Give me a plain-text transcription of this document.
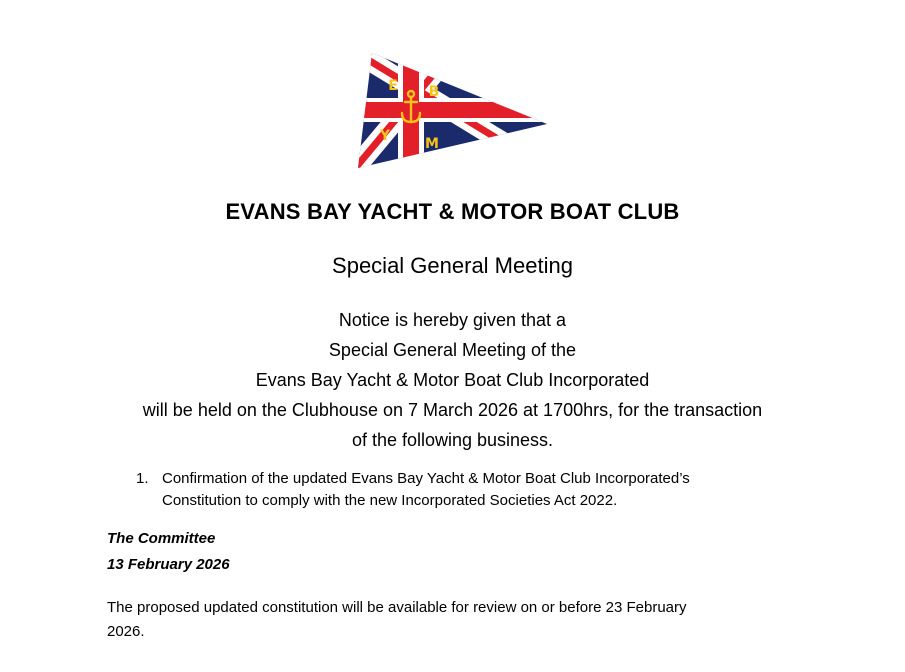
E B
Y M
EVANS BAY YACHT & MOTOR BOAT CLUB
Special General Meeting
Notice is hereby given that a
Special General Meeting of the
Evans Bay Yacht & Motor Boat Club Incorporated
will be held on the Clubhouse on 7 March 2026 at 1700hrs, for the transaction
of the following business.
1. Confirmation of the updated Evans Bay Yacht & Motor Boat Club Incorporated’s
Constitution to comply with the new Incorporated Societies Act 2022.
The Committee
13 February 2026
The proposed updated constitution will be available for review on or before 23 February
2026.
